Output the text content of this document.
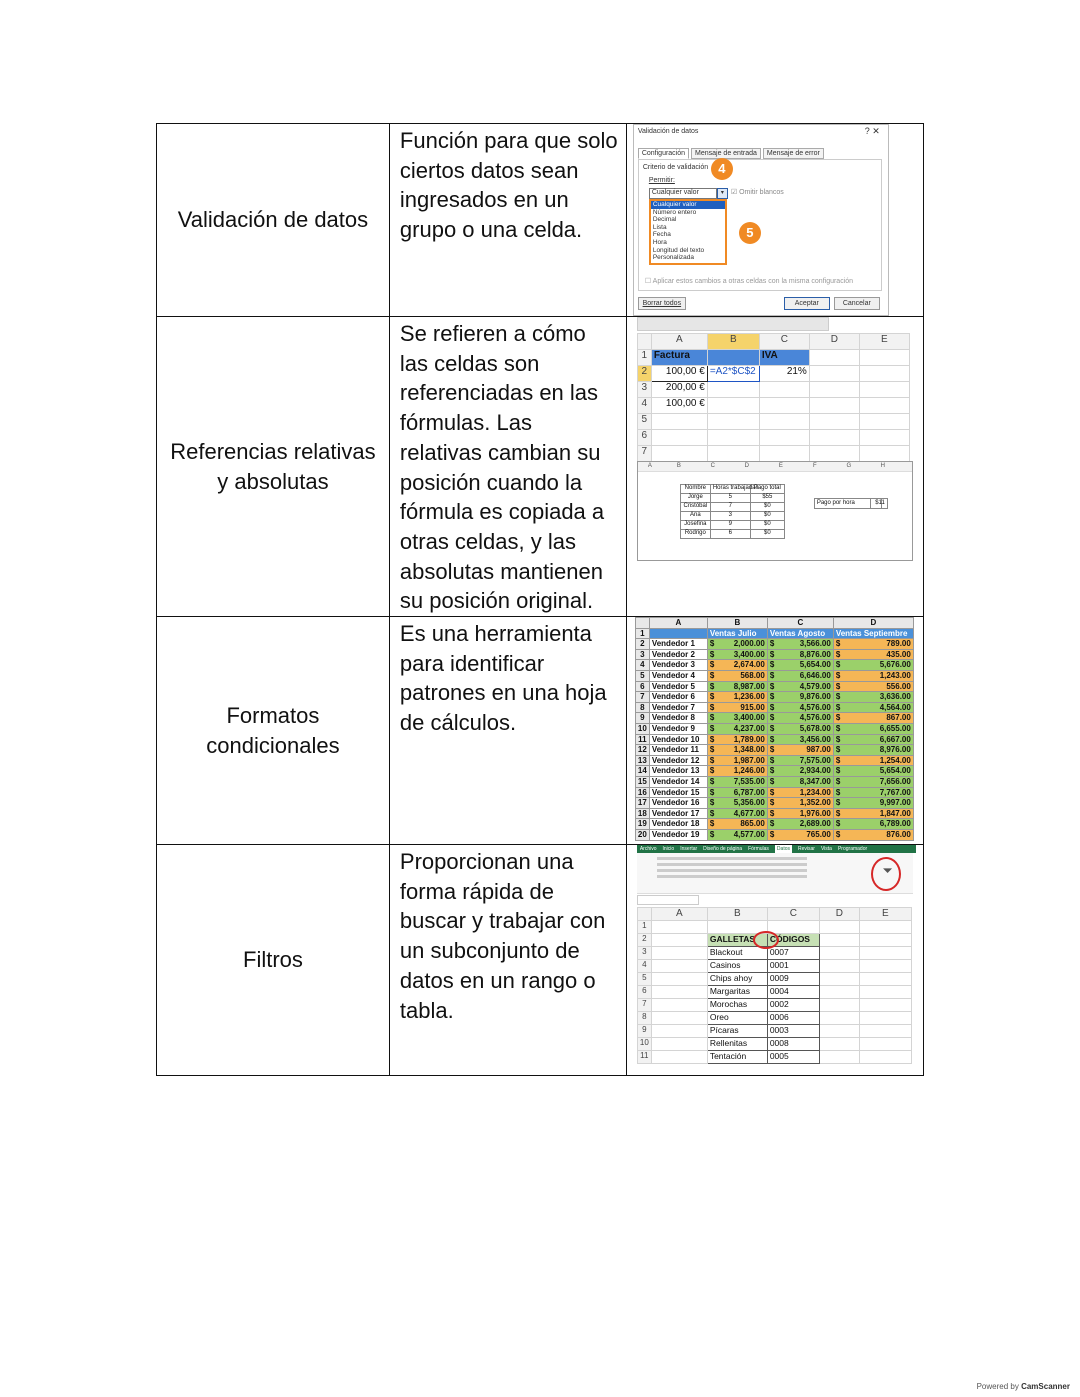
Validación de datos	Función para que solo ciertos datos sean ingresados en un grupo o una celda.	
Validación de datos	? ✕
Configuración	Mensaje de entrada	Mensaje de error
Criterio de validación
Permitir:
Cualquier valor	▾	☑ Omitir blancos
Cualquier valor
Número entero
Decimal
Lista
Fecha
Hora
Longitud del texto
Personalizada
☐ Aplicar estos cambios a otras celdas con la misma configuración
Borrar todos	Aceptar	Cancelar
4
5

Referencias relativas y absolutas	Se refieren a cómo las celdas son referenciadas en las fórmulas. Las relativas cambian su posición cuando la fórmula es copiada a otras celdas, y las absolutas mantienen su posición original.	
	A	B	C	D	E
1	Factura		IVA		
2	100,00 €	=A2*$C$2	21%		
3	200,00 €				
4	100,00 €				
5					
6					
7					
A	B	C	D	E	F	G	H
Nombre	Horas trabajadas	Pago total
Jorge	5	$55
Cristóbal	7	$0
Ana	3	$0
Josefina	9	$0
Rodrigo	6	$0
Pago por hora	$11

Formatos condicionales	Es una herramienta para identificar patrones en una hoja de cálculos.	
	A	B	C	D
1		Ventas Julio	Ventas Agosto	Ventas Septiembre
2	Vendedor 1	$ 2,000.00	$	3,566.00	$	789.00
3	Vendedor 2	$ 3,400.00	$	8,876.00	$	435.00
4	Vendedor 3	$ 2,674.00	$	5,654.00	$	5,676.00
5	Vendedor 4	$	568.00	$	6,646.00	$	1,243.00
6	Vendedor 5	$ 8,987.00	$	4,579.00	$	556.00
7	Vendedor 6	$ 1,236.00	$	9,876.00	$	3,636.00
8	Vendedor 7	$	915.00	$	4,576.00	$	4,564.00
9	Vendedor 8	$ 3,400.00	$	4,576.00	$	867.00
10	Vendedor 9	$ 4,237.00	$	5,678.00	$	6,655.00
11	Vendedor 10	$ 1,789.00	$	3,456.00	$	6,667.00
12	Vendedor 11	$ 1,348.00	$	987.00	$	8,976.00
13	Vendedor 12	$ 1,987.00	$	7,575.00	$	1,254.00
14	Vendedor 13	$ 1,246.00	$	2,934.00	$	5,654.00
15	Vendedor 14	$ 7,535.00	$	8,347.00	$	7,656.00
16	Vendedor 15	$ 6,787.00	$	1,234.00	$	7,767.00
17	Vendedor 16	$ 5,356.00	$	1,352.00	$	9,997.00
18	Vendedor 17	$ 4,677.00	$	1,976.00	$	1,847.00
19	Vendedor 18	$	865.00	$	2,689.00	$	6,789.00
20	Vendedor 19	$ 4,577.00	$	765.00	$	876.00

Filtros	Proporcionan una forma rápida de buscar y trabajar con un subconjunto de datos en un rango o tabla.	
Archivo Inicio Insertar Diseño de página Fórmulas	Datos	Revisar Vista Programador
⏷
	A	B	C	D	E
1					
2		GALLETAS	CÓDIGOS		
3		Blackout	0007		
4		Casinos	0001		
5		Chips ahoy	0009		
6		Margaritas	0004		
7		Morochas	0002		
8		Oreo	0006		
9		Pícaras	0003		
10		Rellenitas	0008		
11		Tentación	0005		
Powered by CamScanner
